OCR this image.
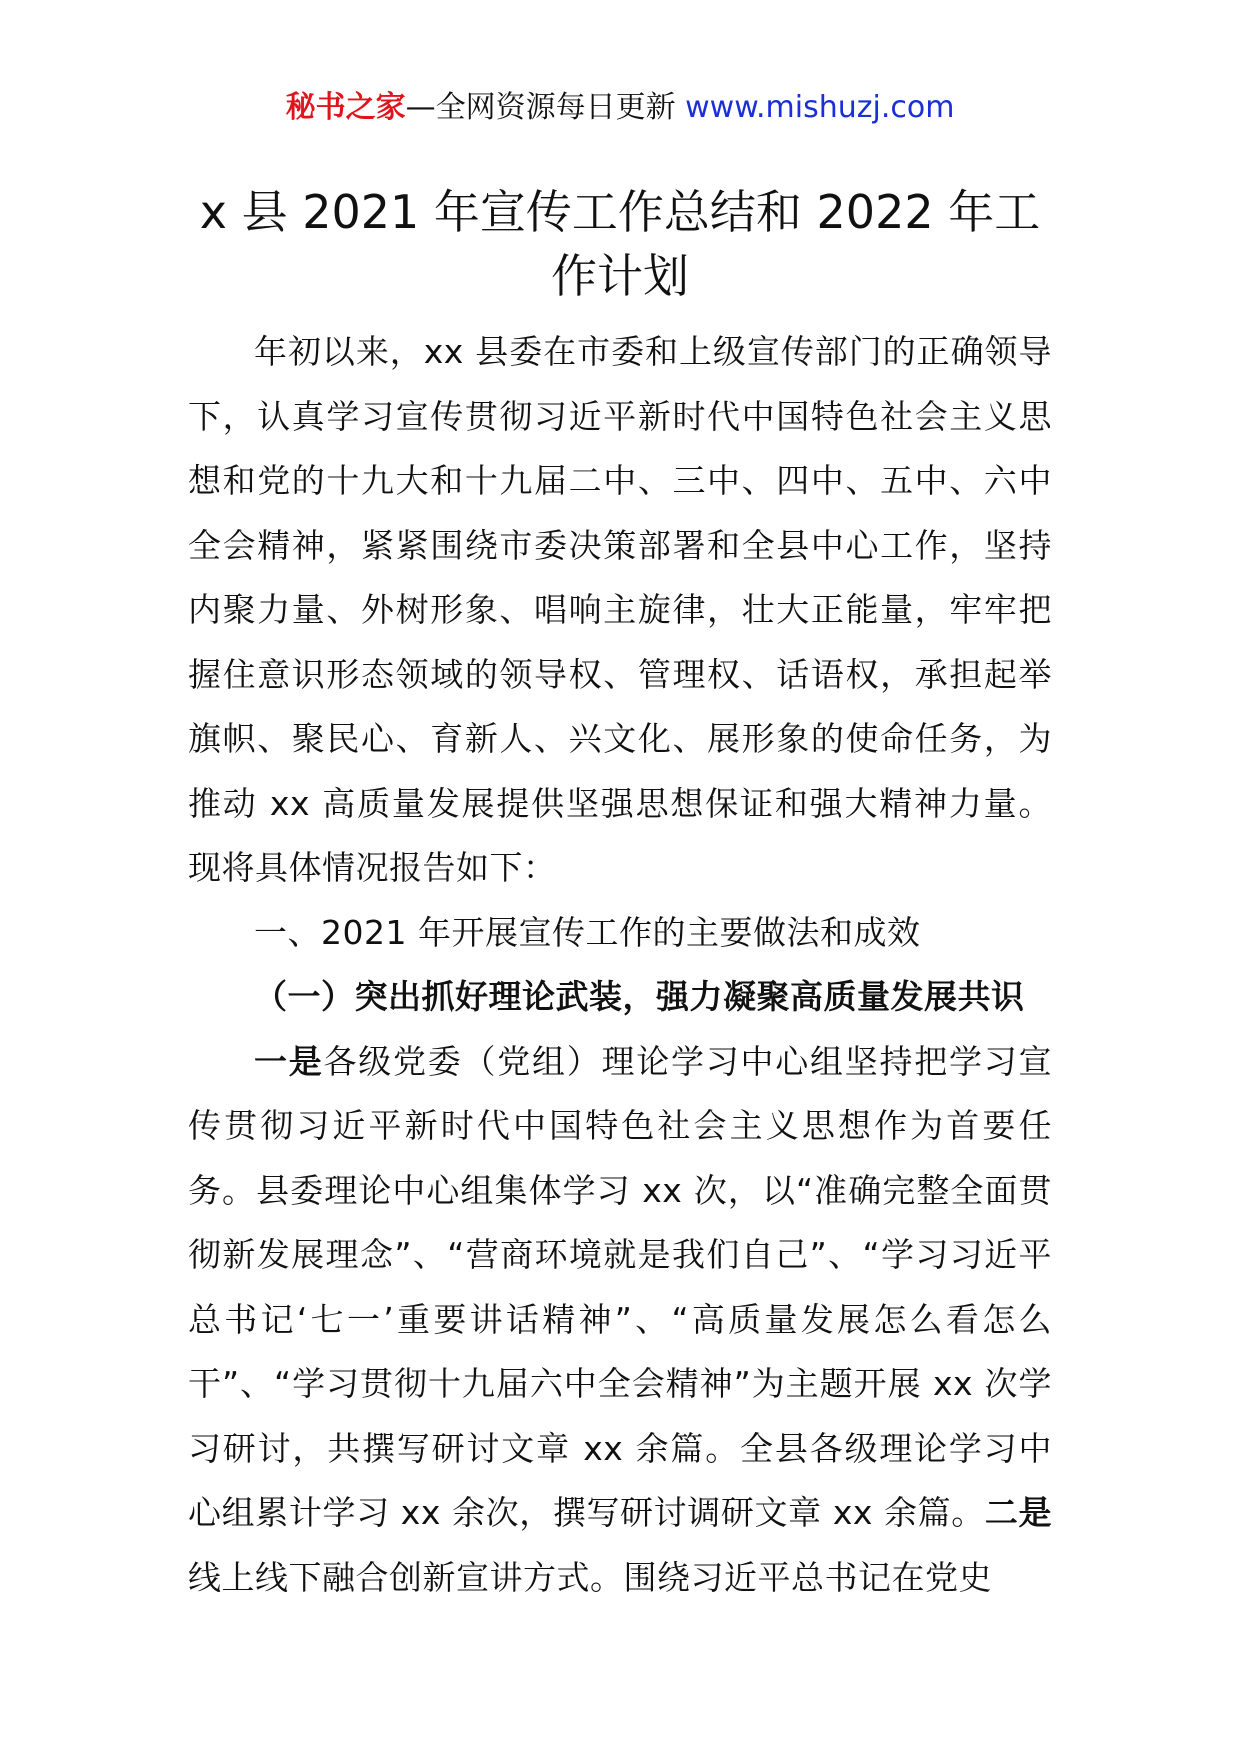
秘书之家—全网资源每日更新 www.mishuzj.com
x 县 2021 年宣传工作总结和 2022 年工作计划

年初以来，xx 县委在市委和上级宣传部门的正确领导下，认真学习宣传贯彻习近平新时代中国特色社会主义思想和党的十九大和十九届二中、三中、四中、五中、六中全会精神，紧紧围绕市委决策部署和全县中心工作，坚持内聚力量、外树形象、唱响主旋律，壮大正能量，牢牢把握住意识形态领域的领导权、管理权、话语权，承担起举旗帜、聚民心、育新人、兴文化、展形象的使命任务，为推动 xx 高质量发展提供坚强思想保证和强大精神力量。现将具体情况报告如下：

一、2021 年开展宣传工作的主要做法和成效

（一）突出抓好理论武装，强力凝聚高质量发展共识

一是各级党委（党组）理论学习中心组坚持把学习宣传贯彻习近平新时代中国特色社会主义思想作为首要任务。县委理论中心组集体学习 xx 次，以“准确完整全面贯彻新发展理念”、“营商环境就是我们自己”、“学习习近平总书记‘七一’重要讲话精神”、“高质量发展怎么看怎么干”、“学习贯彻十九届六中全会精神”为主题开展 xx 次学习研讨，共撰写研讨文章 xx 余篇。全县各级理论学习中心组累计学习 xx 余次，撰写研讨调研文章 xx 余篇。二是线上线下融合创新宣讲方式。围绕习近平总书记在党史
